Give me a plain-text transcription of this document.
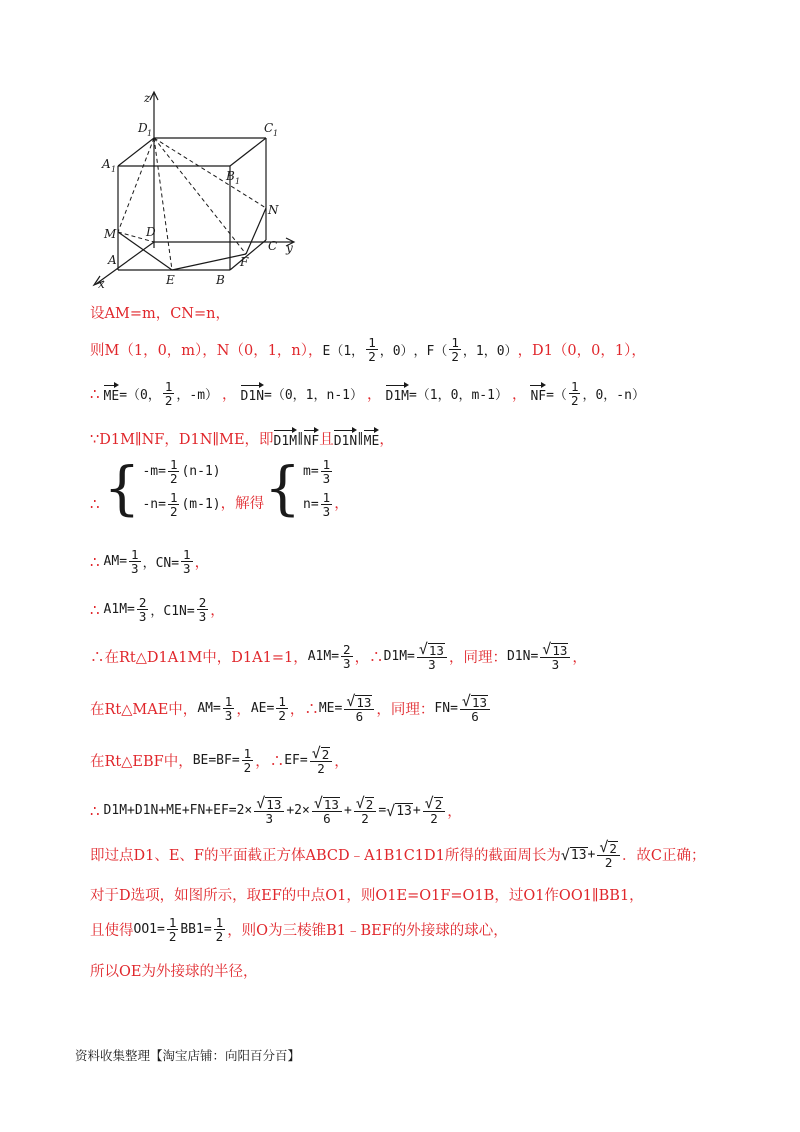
z
y
x
D 1	C 1
A 1	B 1
N
M D
A
E	B
F
C
设AM=m，CN=n，
则M（1，0，m），N（0，1，n）， E（1， $\frac{1}{2}$ ，0） ，$F( \frac{1}{2}$ ，1，0） ，D1（0，0，1），
∴ ME =（0， $\frac{1}{2}$ ，-m） ， D1N =（0，1，n-1） ， D1M =（1，0，m-1） ， NF =（ $\frac{1}{2}$ ，0，-n）
∵D1M∥NF，D1N∥ME，即 D1M ∥ NF 且 D1N ∥ ME ，
∴ { $-m= \frac{1}{2} (n-1)$
$-n= \frac{1}{2} (m-1)$ ，解得 { $m= \frac{1}{3}$
$n= \frac{1}{3}$ ，
∴ $AM= \frac{1}{3}$ ，$CN= \frac{1}{3}$ ，
∴ $A1M= \frac{2}{3}$ ，$C1N= \frac{2}{3}$ ，
∴在Rt△D1A1M中，D1A1=1， $A1M= \frac{2}{3}$ ，∴ $D1M= \frac{√ 13}{3}$ ，同理： $D1N= \frac{√ 13}{3}$ ，
在Rt△MAE中， $AM= \frac{1}{3}$ ， $AE= \frac{1}{2}$ ，∴ $ME= \frac{√ 13}{6}$ ，同理： $FN= \frac{√ 13}{6}$
在Rt△EBF中， $BE=BF= \frac{1}{2}$ ，∴ $EF= \frac{√ 2}{2}$ ，
∴ $D1M+D1N+ME+FN+EF=2\times \frac{√ 13}{3} +2\times \frac{√ 13}{6} + \frac{√ 2}{2}$ = √ $13 + \frac{√ 2}{2}$ ，
即过点D1、E、F的平面截正方体ABCD﹣A1B1C1D1所得的截面周长为 √ $13 + \frac{√ 2}{2}$ ．故C正确；
对于D选项，如图所示，取EF的中点O1，则O1E=O1F=O1B，过O1作OO1∥BB1，
且使得 $OO1= \frac{1}{2} BB1= \frac{1}{2}$ ，则O为三棱锥B1﹣BEF的外接球的球心，
所以OE为外接球的半径，
资料收集整理【淘宝店铺：向阳百分百】
